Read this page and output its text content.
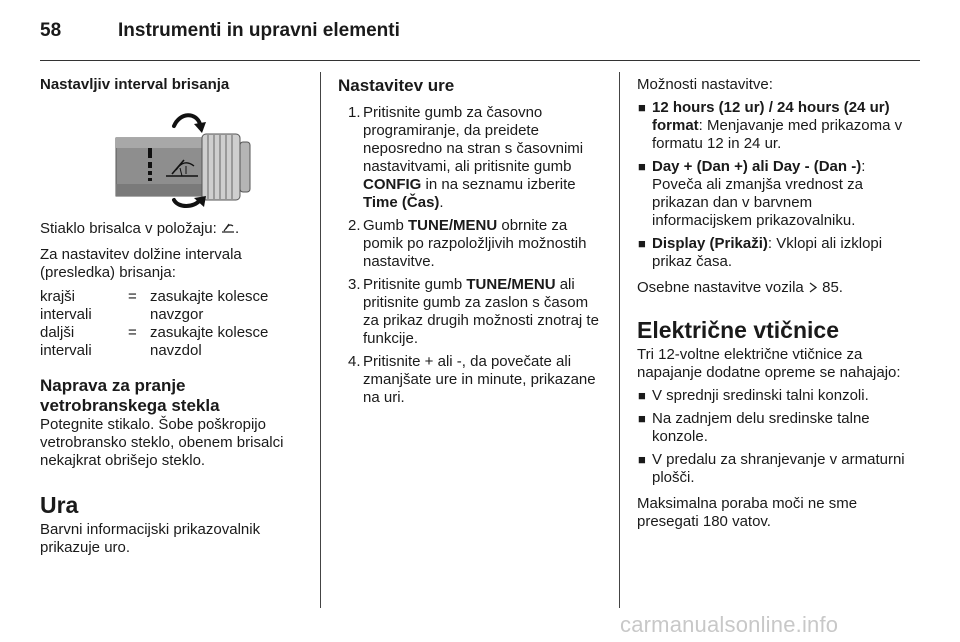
58	Instrumenti in upravni elementi
Nastavljiv interval brisanja

Stiaklo brisalca v položaju: .

Za nastavitev dolžine intervala (presledka) brisanja:

krajši intervali
= zasukajte kolesce navzgor
daljši intervali
= zasukajte kolesce navzdol
Naprava za pranje vetrobranskega stekla

Potegnite stikalo. Šobe poškropijo vetrobransko steklo, obenem brisalci nekajkrat obrišejo steklo.

Ura

Barvni informacijski prikazovalnik prikazuje uro.

Nastavitev ure
1. Pritisnite gumb za časovno programiranje, da preidete neposredno na stran s časovnimi nastavitvami, ali pritisnite gumb CONFIG in na seznamu izberite Time (Čas).
2. Gumb TUNE/MENU obrnite za pomik po razpoložljivih možnostih nastavitve.
3. Pritisnite gumb TUNE/MENU ali pritisnite gumb za zaslon s časom za prikaz drugih možnosti znotraj te funkcije.
4. Pritisnite + ali -, da povečate ali zmanjšate ure in minute, prikazane na uri.

Možnosti nastavitve:

■ 12 hours (12 ur) / 24 hours (24 ur) format: Menjavanje med prikazoma v formatu 12 in 24 ur.
■ Day + (Dan +) ali Day - (Dan -): Poveča ali zmanjša vrednost za prikazan dan v barvnem informacijskem prikazovalniku.
■ Display (Prikaži): Vklopi ali izklopi prikaz časa.

Osebne nastavitve vozila 85.

Električne vtičnice

Tri 12-voltne električne vtičnice za napajanje dodatne opreme se nahajajo:

■ V sprednji sredinski talni konzoli.
■ Na zadnjem delu sredinske talne konzole.
■ V predalu za shranjevanje v armaturni plošči.

Maksimalna poraba moči ne sme presegati 180 vatov.

carmanualsonline.info
